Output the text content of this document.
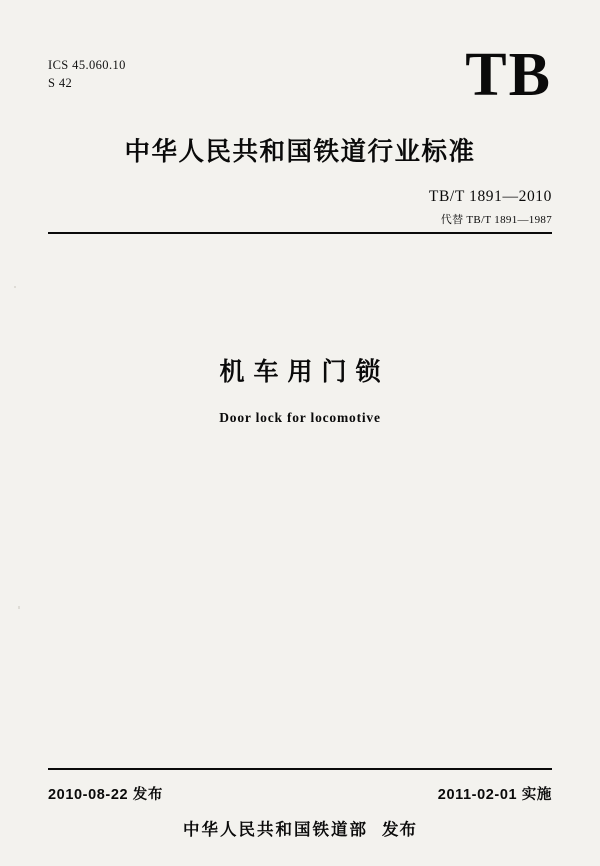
ICS 45.060.10
S 42	TB
中华人民共和国铁道行业标准
TB/T 1891—2010
代替 TB/T 1891—1987
机车用门锁
Door lock for locomotive
2010-08-22 发布	2011-02-01 实施
中华人民共和国铁道部 发布
